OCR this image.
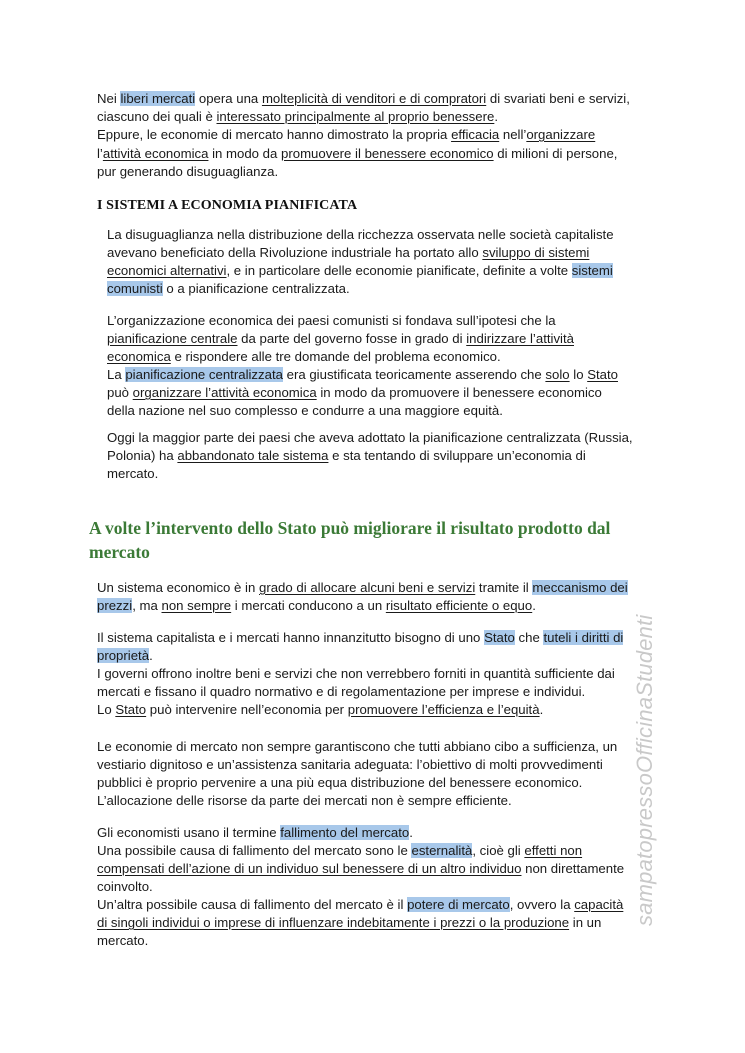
Nei liberi mercati opera una molteplicità di venditori e di compratori di svariati beni e servizi,
ciascuno dei quali è interessato principalmente al proprio benessere.
Eppure, le economie di mercato hanno dimostrato la propria efficacia nell’organizzare
l’attività economica in modo da promuovere il benessere economico di milioni di persone,
pur generando disuguaglianza.
I SISTEMI A ECONOMIA PIANIFICATA
La disuguaglianza nella distribuzione della ricchezza osservata nelle società capitaliste
avevano beneficiato della Rivoluzione industriale ha portato allo sviluppo di sistemi
economici alternativi, e in particolare delle economie pianificate, definite a volte sistemi
comunisti o a pianificazione centralizzata.
L’organizzazione economica dei paesi comunisti si fondava sull’ipotesi che la
pianificazione centrale da parte del governo fosse in grado di indirizzare l’attività
economica e rispondere alle tre domande del problema economico.
La pianificazione centralizzata era giustificata teoricamente asserendo che solo lo Stato
può organizzare l’attività economica in modo da promuovere il benessere economico
della nazione nel suo complesso e condurre a una maggiore equità.
Oggi la maggior parte dei paesi che aveva adottato la pianificazione centralizzata (Russia,
Polonia) ha abbandonato tale sistema e sta tentando di sviluppare un’economia di
mercato.
A volte l’intervento dello Stato può migliorare il risultato prodotto dal
mercato
Un sistema economico è in grado di allocare alcuni beni e servizi tramite il meccanismo dei
prezzi, ma non sempre i mercati conducono a un risultato efficiente o equo.
Il sistema capitalista e i mercati hanno innanzitutto bisogno di uno Stato che tuteli i diritti di
proprietà.
I governi offrono inoltre beni e servizi che non verrebbero forniti in quantità sufficiente dai
mercati e fissano il quadro normativo e di regolamentazione per imprese e individui.
Lo Stato può intervenire nell’economia per promuovere l’efficienza e l’equità.
Le economie di mercato non sempre garantiscono che tutti abbiano cibo a sufficienza, un
vestiario dignitoso e un’assistenza sanitaria adeguata: l’obiettivo di molti provvedimenti
pubblici è proprio pervenire a una più equa distribuzione del benessere economico.
L’allocazione delle risorse da parte dei mercati non è sempre efficiente.
Gli economisti usano il termine fallimento del mercato.
Una possibile causa di fallimento del mercato sono le esternalità, cioè gli effetti non
compensati dell’azione di un individuo sul benessere di un altro individuo non direttamente
coinvolto.
Un’altra possibile causa di fallimento del mercato è il potere di mercato, ovvero la capacità
di singoli individui o imprese di influenzare indebitamente i prezzi o la produzione in un
mercato.
sampatopressoOfficinaStudenti
